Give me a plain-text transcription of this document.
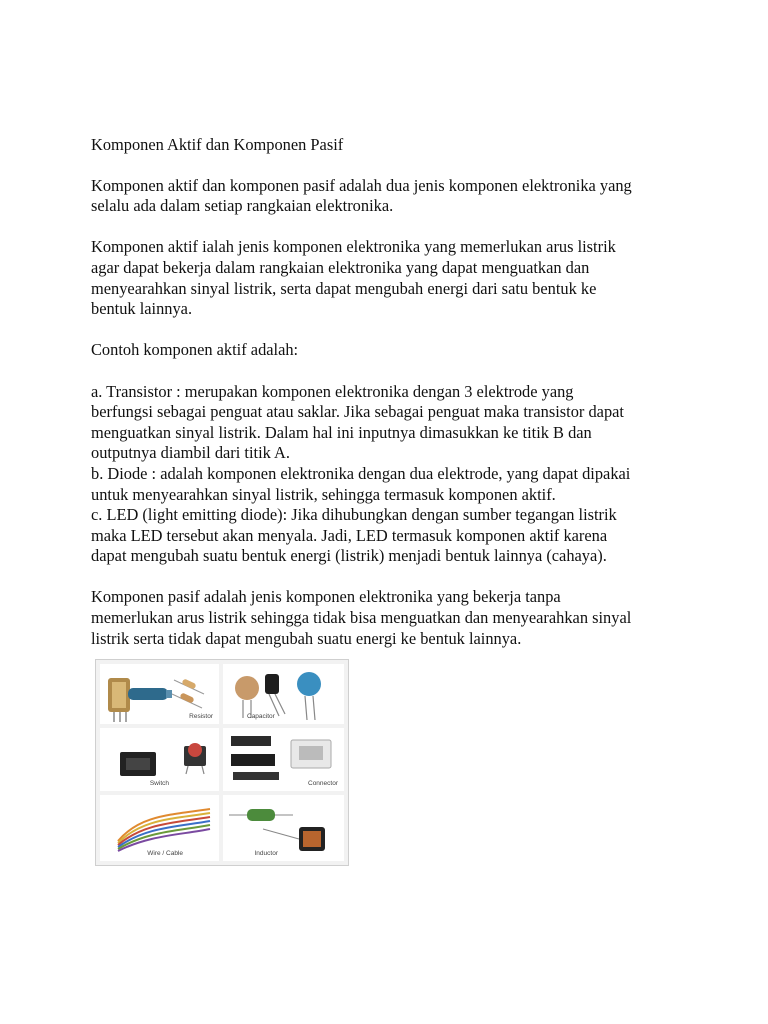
Komponen Aktif dan Komponen Pasif

Komponen aktif dan komponen pasif adalah dua jenis komponen elektronika yang
selalu ada dalam setiap rangkaian elektronika.

Komponen aktif ialah jenis komponen elektronika yang memerlukan arus listrik
agar dapat bekerja dalam rangkaian elektronika yang dapat menguatkan dan
menyearahkan sinyal listrik, serta dapat mengubah energi dari satu bentuk ke
bentuk lainnya.

Contoh komponen aktif adalah:

a. Transistor : merupakan komponen elektronika dengan 3 elektrode yang
berfungsi sebagai penguat atau saklar. Jika sebagai penguat maka transistor dapat
menguatkan sinyal listrik. Dalam hal ini inputnya dimasukkan ke titik B dan
outputnya diambil dari titik A.
b. Diode : adalah komponen elektronika dengan dua elektrode, yang dapat dipakai
untuk menyearahkan sinyal listrik, sehingga termasuk komponen aktif.
c. LED (light emitting diode): Jika dihubungkan dengan sumber tegangan listrik
maka LED tersebut akan menyala. Jadi, LED termasuk komponen aktif karena
dapat mengubah suatu bentuk energi (listrik) menjadi bentuk lainnya (cahaya).

Komponen pasif adalah jenis komponen elektronika yang bekerja tanpa
memerlukan arus listrik sehingga tidak bisa menguatkan dan menyearahkan sinyal
listrik serta tidak dapat mengubah suatu energi ke bentuk lainnya.

Resistor	Capacitor
Switch	Connector
Wire / Cable	Inductor
